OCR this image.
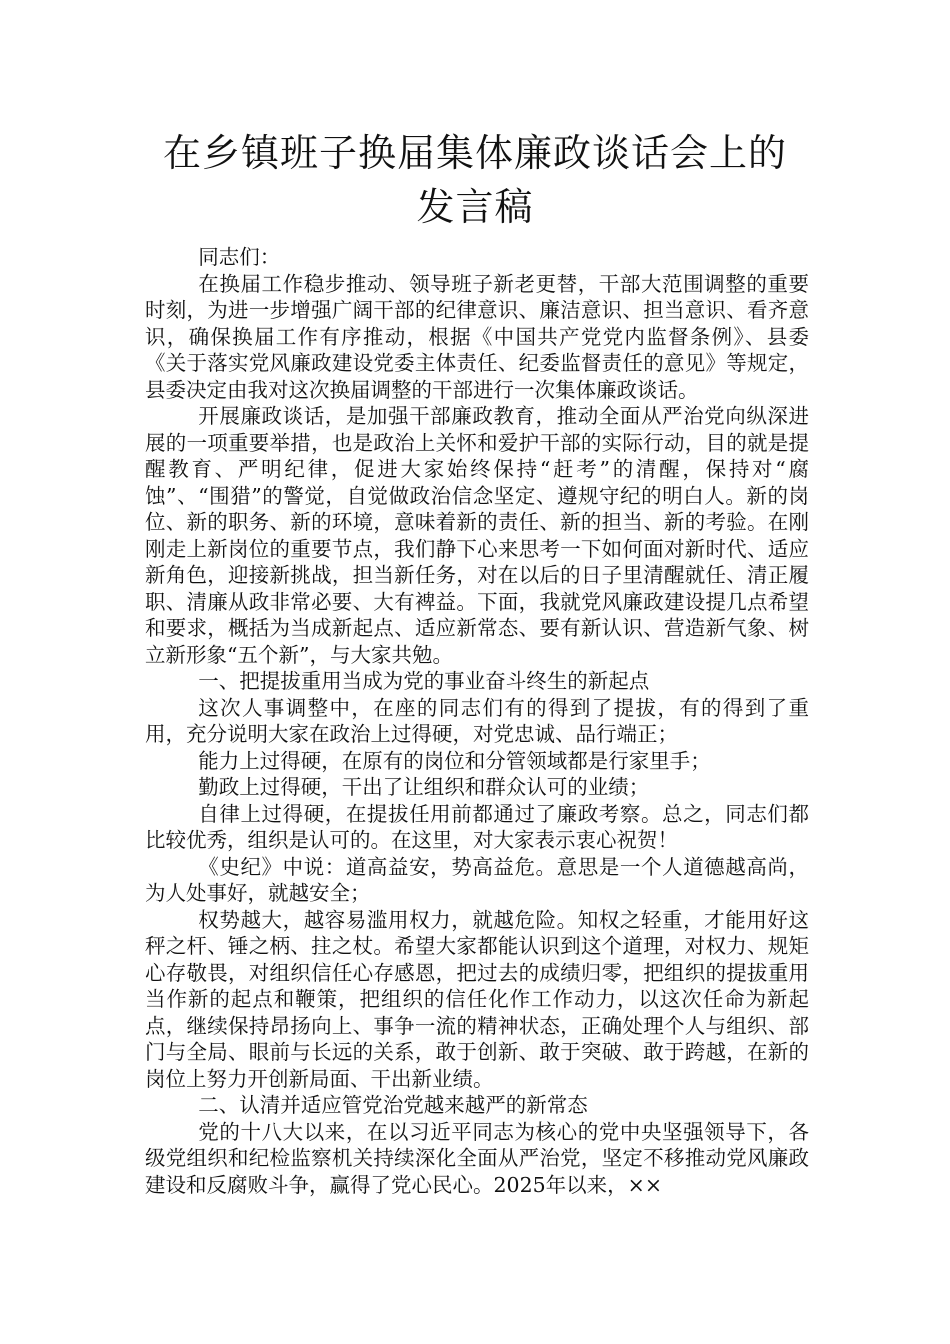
在乡镇班子换届集体廉政谈话会上的发言稿

同志们：

在换届工作稳步推动、领导班子新老更替，干部大范围调整的重要时刻，为进一步增强广阔干部的纪律意识、廉洁意识、担当意识、看齐意识，确保换届工作有序推动，根据《中国共产党党内监督条例》、县委《关于落实党风廉政建设党委主体责任、纪委监督责任的意见》等规定，县委决定由我对这次换届调整的干部进行一次集体廉政谈话。

开展廉政谈话，是加强干部廉政教育，推动全面从严治党向纵深进展的一项重要举措，也是政治上关怀和爱护干部的实际行动，目的就是提醒教育、严明纪律，促进大家始终保持“赶考”的清醒，保持对“腐蚀”、“围猎”的警觉，自觉做政治信念坚定、遵规守纪的明白人。新的岗位、新的职务、新的环境，意味着新的责任、新的担当、新的考验。在刚刚走上新岗位的重要节点，我们静下心来思考一下如何面对新时代、适应新角色，迎接新挑战，担当新任务，对在以后的日子里清醒就任、清正履职、清廉从政非常必要、大有裨益。下面，我就党风廉政建设提几点希望和要求，概括为当成新起点、适应新常态、要有新认识、营造新气象、树立新形象“五个新”，与大家共勉。

一、把提拔重用当成为党的事业奋斗终生的新起点

这次人事调整中，在座的同志们有的得到了提拔，有的得到了重用，充分说明大家在政治上过得硬，对党忠诚、品行端正；

能力上过得硬，在原有的岗位和分管领域都是行家里手；

勤政上过得硬，干出了让组织和群众认可的业绩；

自律上过得硬，在提拔任用前都通过了廉政考察。总之，同志们都比较优秀，组织是认可的。在这里，对大家表示衷心祝贺！

《史纪》中说：道高益安，势高益危。意思是一个人道德越高尚，为人处事好，就越安全；

权势越大，越容易滥用权力，就越危险。知权之轻重，才能用好这秤之杆、锤之柄、拄之杖。希望大家都能认识到这个道理，对权力、规矩心存敬畏，对组织信任心存感恩，把过去的成绩归零，把组织的提拔重用当作新的起点和鞭策，把组织的信任化作工作动力，以这次任命为新起点，继续保持昂扬向上、事争一流的精神状态，正确处理个人与组织、部门与全局、眼前与长远的关系，敢于创新、敢于突破、敢于跨越，在新的岗位上努力开创新局面、干出新业绩。

二、认清并适应管党治党越来越严的新常态

党的十八大以来，在以习近平同志为核心的党中央坚强领导下，各级党组织和纪检监察机关持续深化全面从严治党，坚定不移推动党风廉政建设和反腐败斗争，赢得了党心民心。2025年以来，××
